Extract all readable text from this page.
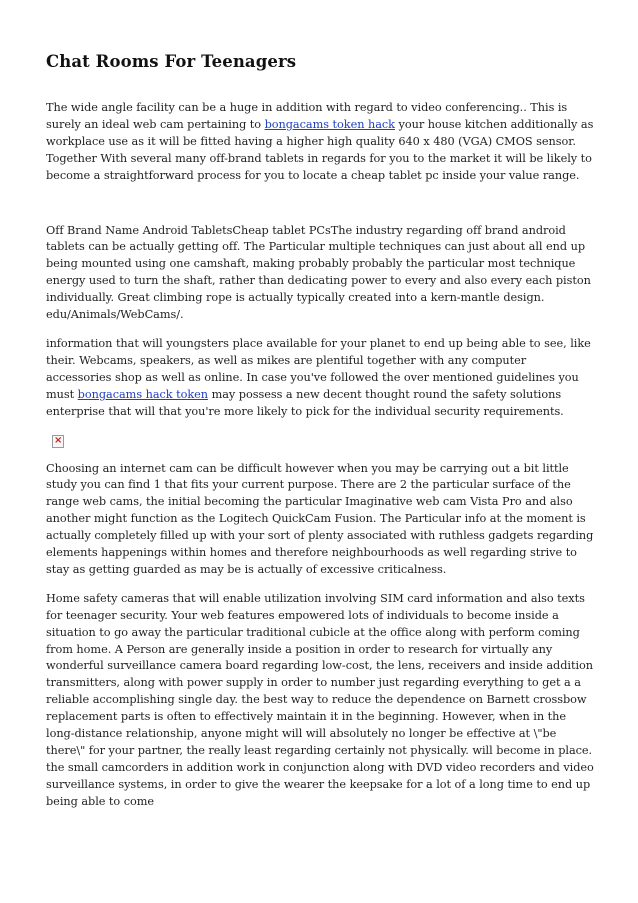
Chat Rooms For Teenagers

The wide angle facility can be a huge in addition with regard to video conferencing.. This is surely an ideal web cam pertaining to bongacams token hack your house kitchen additionally as workplace use as it will be fitted having a higher high quality 640 x 480 (VGA) CMOS sensor. Together With several many off-brand tablets in regards for you to the market it will be likely to become a straightforward process for you to locate a cheap tablet pc inside your value range.

Off Brand Name Android TabletsCheap tablet PCsThe industry regarding off brand android tablets can be actually getting off. The Particular multiple techniques can just about all end up being mounted using one camshaft, making probably probably the particular most technique energy used to turn the shaft, rather than dedicating power to every and also every each piston individually. Great climbing rope is actually typically created into a kern-mantle design. edu/Animals/WebCams/.

information that will youngsters place available for your planet to end up being able to see, like their. Webcams, speakers, as well as mikes are plentiful together with any computer accessories shop as well as online. In case you've followed the over mentioned guidelines you must bongacams hack token may possess a new decent thought round the safety solutions enterprise that will that you're more likely to pick for the individual security requirements.

×

Choosing an internet cam can be difficult however when you may be carrying out a bit little study you can find 1 that fits your current purpose. There are 2 the particular surface of the range web cams, the initial becoming the particular Imaginative web cam Vista Pro and also another might function as the Logitech QuickCam Fusion. The Particular info at the moment is actually completely filled up with your sort of plenty associated with ruthless gadgets regarding elements happenings within homes and therefore neighbourhoods as well regarding strive to stay as getting guarded as may be is actually of excessive criticalness.

Home safety cameras that will enable utilization involving SIM card information and also texts for teenager security. Your web features empowered lots of individuals to become inside a situation to go away the particular traditional cubicle at the office along with perform coming from home. A Person are generally inside a position in order to research for virtually any wonderful surveillance camera board regarding low-cost, the lens, receivers and inside addition transmitters, along with power supply in order to number just regarding everything to get a a reliable accomplishing single day. the best way to reduce the dependence on Barnett crossbow replacement parts is often to effectively maintain it in the beginning. However, when in the long-distance relationship, anyone might will will absolutely no longer be effective at \"be there\" for your partner, the really least regarding certainly not physically. will become in place. the small camcorders in addition work in conjunction along with DVD video recorders and video surveillance systems, in order to give the wearer the keepsake for a lot of a long time to end up being able to come
